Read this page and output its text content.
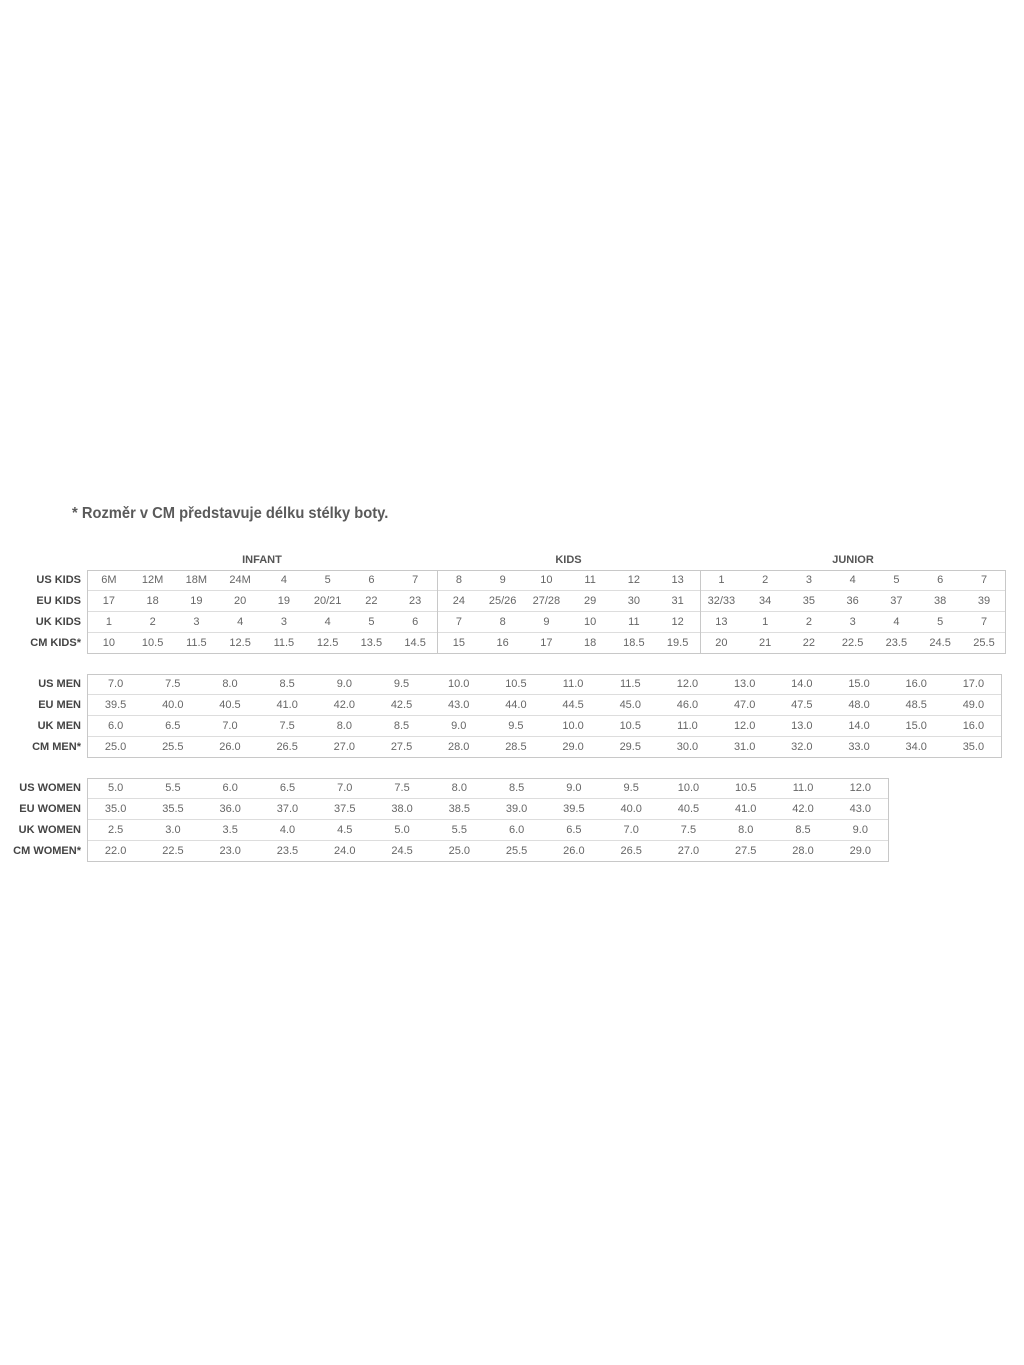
* Rozměr v CM představuje délku stélky boty.
INFANT	KIDS	JUNIOR
US KIDS	6M	12M	18M	24M	4	5	6	7	8	9	10	11	12	13	1	2	3	4	5	6	7
EU KIDS	17	18	19	20	19	20/21	22	23	24	25/26	27/28	29	30	31	32/33	34	35	36	37	38	39
UK KIDS	1	2	3	4	3	4	5	6	7	8	9	10	11	12	13	1	2	3	4	5	7
CM KIDS*	10	10.5	11.5	12.5	11.5	12.5	13.5	14.5	15	16	17	18	18.5	19.5	20	21	22	22.5	23.5	24.5	25.5
US MEN	7.0	7.5	8.0	8.5	9.0	9.5	10.0	10.5	11.0	11.5	12.0	13.0	14.0	15.0	16.0	17.0
EU MEN	39.5	40.0	40.5	41.0	42.0	42.5	43.0	44.0	44.5	45.0	46.0	47.0	47.5	48.0	48.5	49.0
UK MEN	6.0	6.5	7.0	7.5	8.0	8.5	9.0	9.5	10.0	10.5	11.0	12.0	13.0	14.0	15.0	16.0
CM MEN*	25.0	25.5	26.0	26.5	27.0	27.5	28.0	28.5	29.0	29.5	30.0	31.0	32.0	33.0	34.0	35.0
US WOMEN	5.0	5.5	6.0	6.5	7.0	7.5	8.0	8.5	9.0	9.5	10.0	10.5	11.0	12.0
EU WOMEN	35.0	35.5	36.0	37.0	37.5	38.0	38.5	39.0	39.5	40.0	40.5	41.0	42.0	43.0
UK WOMEN	2.5	3.0	3.5	4.0	4.5	5.0	5.5	6.0	6.5	7.0	7.5	8.0	8.5	9.0
CM WOMEN*	22.0	22.5	23.0	23.5	24.0	24.5	25.0	25.5	26.0	26.5	27.0	27.5	28.0	29.0
